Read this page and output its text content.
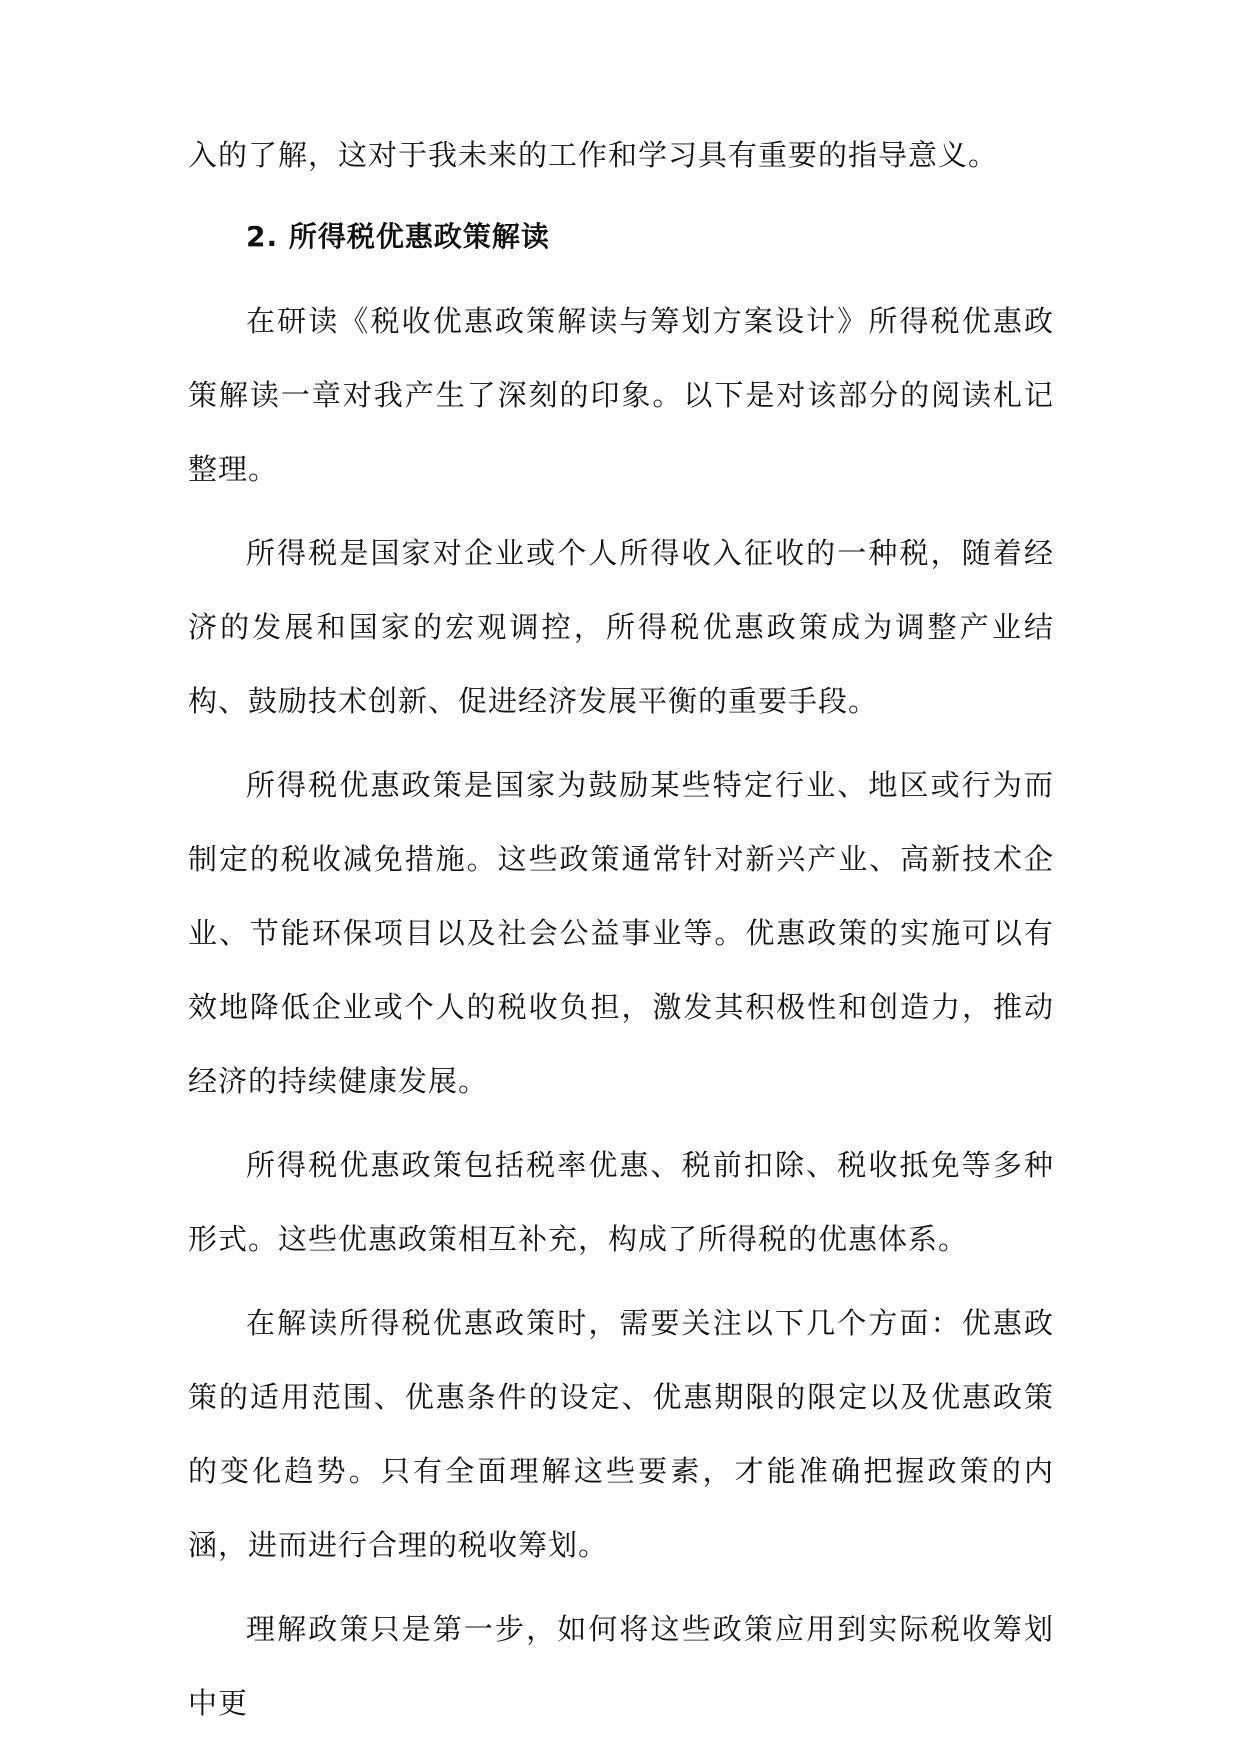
入的了解，这对于我未来的工作和学习具有重要的指导意义。

2. 所得税优惠政策解读

在研读《税收优惠政策解读与筹划方案设计》所得税优惠政策解读一章对我产生了深刻的印象。以下是对该部分的阅读札记整理。

所得税是国家对企业或个人所得收入征收的一种税，随着经济的发展和国家的宏观调控，所得税优惠政策成为调整产业结构、鼓励技术创新、促进经济发展平衡的重要手段。

所得税优惠政策是国家为鼓励某些特定行业、地区或行为而制定的税收减免措施。这些政策通常针对新兴产业、高新技术企业、节能环保项目以及社会公益事业等。优惠政策的实施可以有效地降低企业或个人的税收负担，激发其积极性和创造力，推动经济的持续健康发展。

所得税优惠政策包括税率优惠、税前扣除、税收抵免等多种形式。这些优惠政策相互补充，构成了所得税的优惠体系。

在解读所得税优惠政策时，需要关注以下几个方面：优惠政策的适用范围、优惠条件的设定、优惠期限的限定以及优惠政策的变化趋势。只有全面理解这些要素，才能准确把握政策的内涵，进而进行合理的税收筹划。

理解政策只是第一步，如何将这些政策应用到实际税收筹划中更
